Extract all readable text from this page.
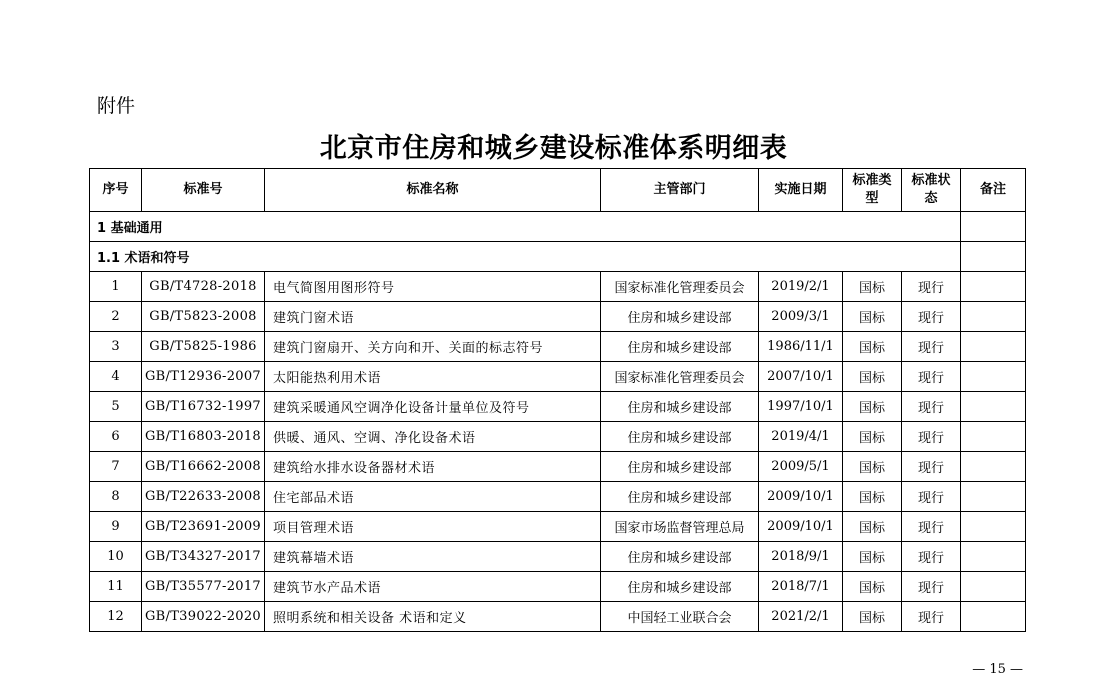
附件
北京市住房和城乡建设标准体系明细表
序号	标准号	标准名称	主管部门	实施日期	标准类型	标准状态	备注
1 基础通用							
1.1 术语和符号							
1	GB/T4728-2018	电气简图用图形符号	国家标准化管理委员会	2019/2/1	国标	现行	
2	GB/T5823-2008	建筑门窗术语	住房和城乡建设部	2009/3/1	国标	现行	
3	GB/T5825-1986	建筑门窗扇开、关方向和开、关面的标志符号	住房和城乡建设部	1986/11/1	国标	现行	
4	GB/T12936-2007	太阳能热利用术语	国家标准化管理委员会	2007/10/1	国标	现行	
5	GB/T16732-1997	建筑采暖通风空调净化设备计量单位及符号	住房和城乡建设部	1997/10/1	国标	现行	
6	GB/T16803-2018	供暖、通风、空调、净化设备术语	住房和城乡建设部	2019/4/1	国标	现行	
7	GB/T16662-2008	建筑给水排水设备器材术语	住房和城乡建设部	2009/5/1	国标	现行	
8	GB/T22633-2008	住宅部品术语	住房和城乡建设部	2009/10/1	国标	现行	
9	GB/T23691-2009	项目管理术语	国家市场监督管理总局	2009/10/1	国标	现行	
10	GB/T34327-2017	建筑幕墙术语	住房和城乡建设部	2018/9/1	国标	现行	
11	GB/T35577-2017	建筑节水产品术语	住房和城乡建设部	2018/7/1	国标	现行	
12	GB/T39022-2020	照明系统和相关设备 术语和定义	中国轻工业联合会	2021/2/1	国标	现行	
— 15 —
